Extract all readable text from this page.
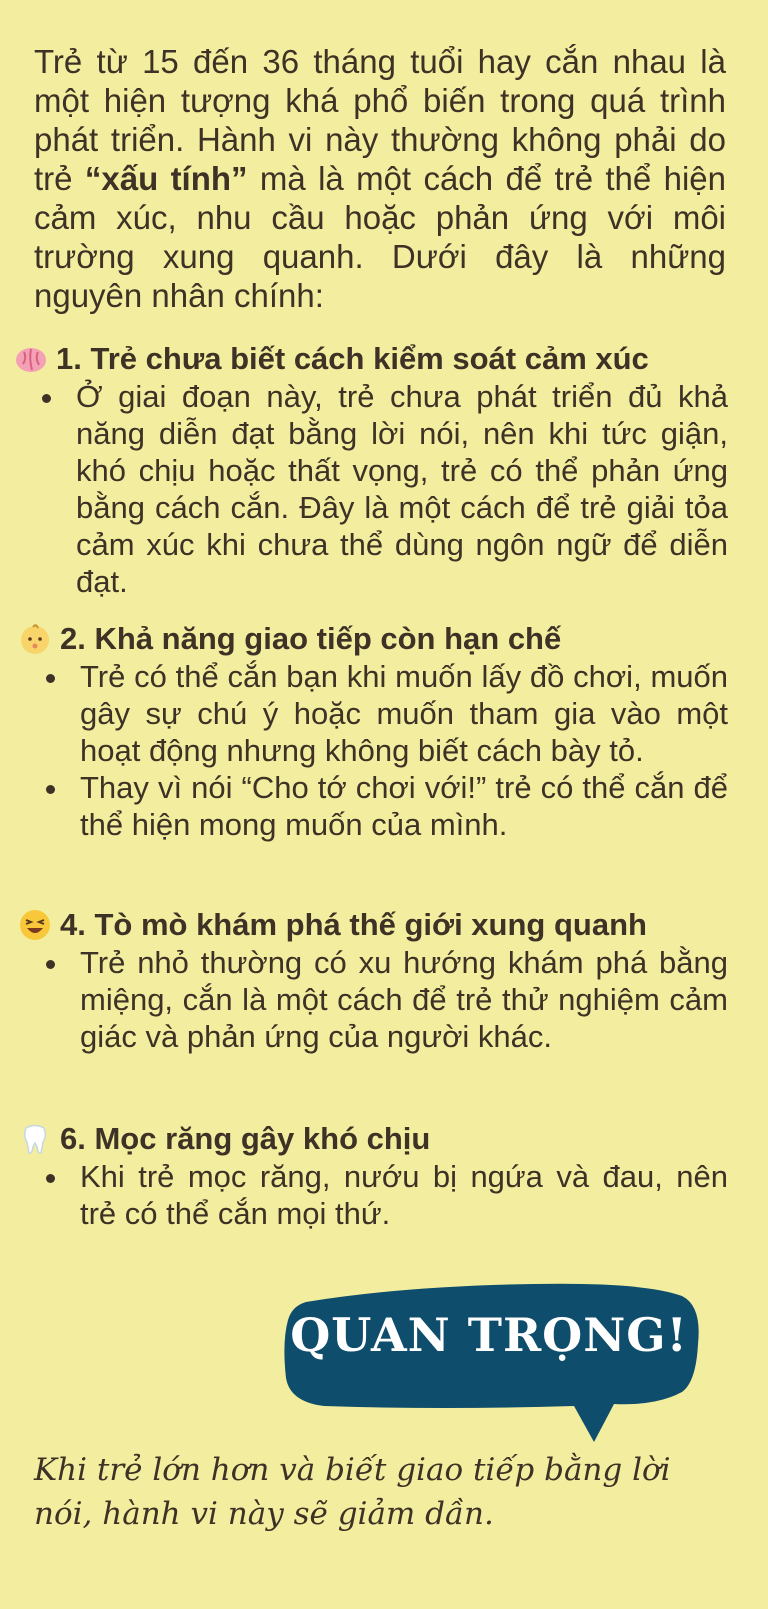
Trẻ từ 15 đến 36 tháng tuổi hay cắn nhau là một hiện tượng khá phổ biến trong quá trình phát triển. Hành vi này thường không phải do trẻ “xấu tính” mà là một cách để trẻ thể hiện cảm xúc, nhu cầu hoặc phản ứng với môi trường xung quanh. Dưới đây là những nguyên nhân chính:

1. Trẻ chưa biết cách kiểm soát cảm xúc
Ở giai đoạn này, trẻ chưa phát triển đủ khả năng diễn đạt bằng lời nói, nên khi tức giận, khó chịu hoặc thất vọng, trẻ có thể phản ứng bằng cách cắn. Đây là một cách để trẻ giải tỏa cảm xúc khi chưa thể dùng ngôn ngữ để diễn đạt.
2. Khả năng giao tiếp còn hạn chế
Trẻ có thể cắn bạn khi muốn lấy đồ chơi, muốn gây sự chú ý hoặc muốn tham gia vào một hoạt động nhưng không biết cách bày tỏ.
Thay vì nói “Cho tớ chơi với!” trẻ có thể cắn để thể hiện mong muốn của mình.
4. Tò mò khám phá thế giới xung quanh
Trẻ nhỏ thường có xu hướng khám phá bằng miệng, cắn là một cách để trẻ thử nghiệm cảm giác và phản ứng của người khác.
6. Mọc răng gây khó chịu
Khi trẻ mọc răng, nướu bị ngứa và đau, nên trẻ có thể cắn mọi thứ.
QUAN TRỌNG!
Khi trẻ lớn hơn và biết giao tiếp bằng lời nói, hành vi này sẽ giảm dần.
